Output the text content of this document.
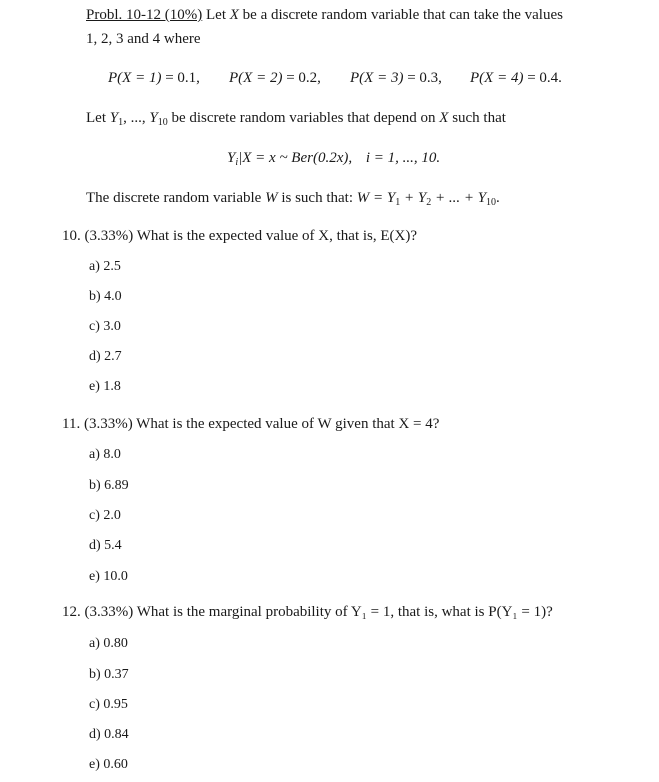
Probl. 10-12 (10%) Let X be a discrete random variable that can take the values
1, 2, 3 and 4 where
P(X = 1) = 0.1, P(X = 2) = 0.2, P(X = 3) = 0.3, P(X = 4) = 0.4.
Let $Y_1$, ..., $Y_{10}$ be discrete random variables that depend on X such that
$Y_i|X = x$ ~ Ber(0.2x), i = 1, ..., 10.
The discrete random variable W is such that: $W = Y_1 + Y_2$ + ... + $Y_{10}$.
10. (3.33%) What is the expected value of X, that is, E(X)?
a) 2.5
b) 4.0
c) 3.0
d) 2.7
e) 1.8
11. (3.33%) What is the expected value of W given that X = 4?
a) 8.0
b) 6.89
c) 2.0
d) 5.4
e) 10.0
12. (3.33%) What is the marginal probability of Y₁ = 1, that is, what is P(Y₁ = 1)?
a) 0.80
b) 0.37
c) 0.95
d) 0.84
e) 0.60
